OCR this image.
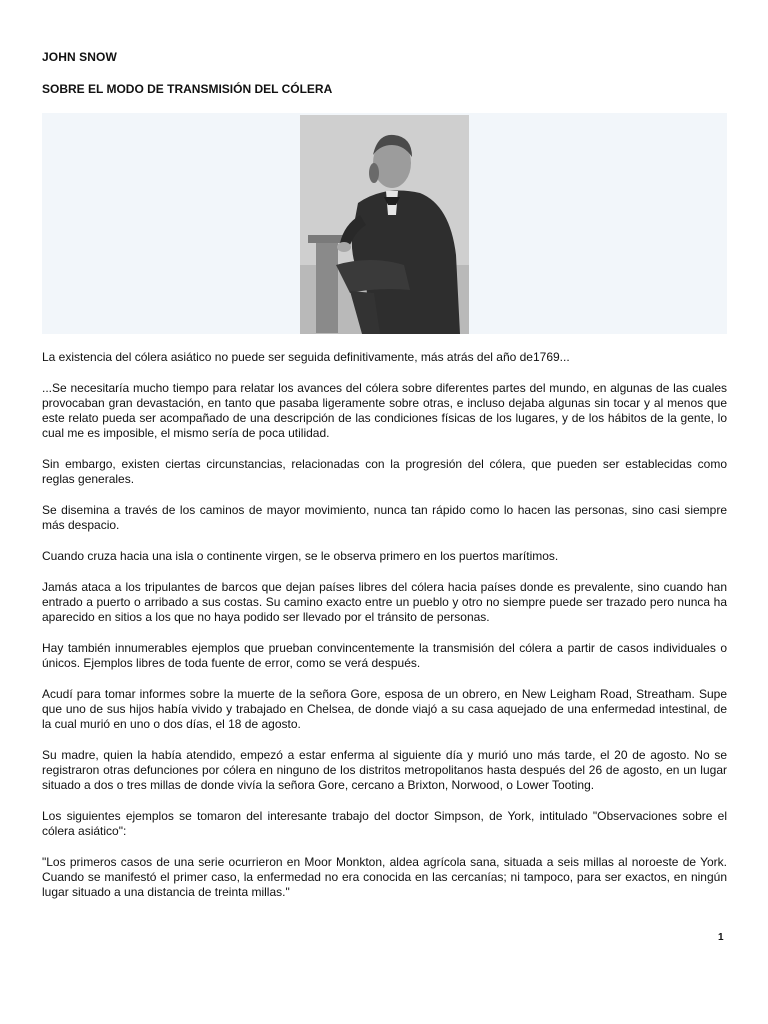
JOHN SNOW
SOBRE EL MODO DE TRANSMISIÓN DEL CÓLERA

La existencia del cólera asiático no puede ser seguida definitivamente, más atrás del año de1769...

...Se necesitaría mucho tiempo para relatar los avances del cólera sobre diferentes partes del mundo, en algunas de las cuales provocaban gran devastación, en tanto que pasaba ligeramente sobre otras, e incluso dejaba algunas sin tocar y al menos que este relato pueda ser acompañado de una descripción de las condiciones físicas de los lugares, y de los hábitos de la gente, lo cual me es imposible, el mismo sería de poca utilidad.

Sin embargo, existen ciertas circunstancias, relacionadas con la progresión del cólera, que pueden ser establecidas como reglas generales.

Se disemina a través de los caminos de mayor movimiento, nunca tan rápido como lo hacen las personas, sino casi siempre más despacio.

Cuando cruza hacia una isla o continente virgen, se le observa primero en los puertos marítimos.

Jamás ataca a los tripulantes de barcos que dejan países libres del cólera hacia países donde es prevalente, sino cuando han entrado a puerto o arribado a sus costas. Su camino exacto entre un pueblo y otro no siempre puede ser trazado pero nunca ha aparecido en sitios a los que no haya podido ser llevado por el tránsito de personas.

Hay también innumerables ejemplos que prueban convincentemente la transmisión del cólera a partir de casos individuales o únicos. Ejemplos libres de toda fuente de error, como se verá después.

Acudí para tomar informes sobre la muerte de la señora Gore, esposa de un obrero, en New Leigham Road, Streatham. Supe que uno de sus hijos había vivido y trabajado en Chelsea, de donde viajó a su casa aquejado de una enfermedad intestinal, de la cual murió en uno o dos días, el 18 de agosto.

Su madre, quien la había atendido, empezó a estar enferma al siguiente día y murió uno más tarde, el 20 de agosto. No se registraron otras defunciones por cólera en ninguno de los distritos metropolitanos hasta después del 26 de agosto, en un lugar situado a dos o tres millas de donde vivía la señora Gore, cercano a Brixton, Norwood, o Lower Tooting.

Los siguientes ejemplos se tomaron del interesante trabajo del doctor Simpson, de York, intitulado "Observaciones sobre el cólera asiático":

"Los primeros casos de una serie ocurrieron en Moor Monkton, aldea agrícola sana, situada a seis millas al noroeste de York. Cuando se manifestó el primer caso, la enfermedad no era conocida en las cercanías; ni tampoco, para ser exactos, en ningún lugar situado a una distancia de treinta millas."

1
